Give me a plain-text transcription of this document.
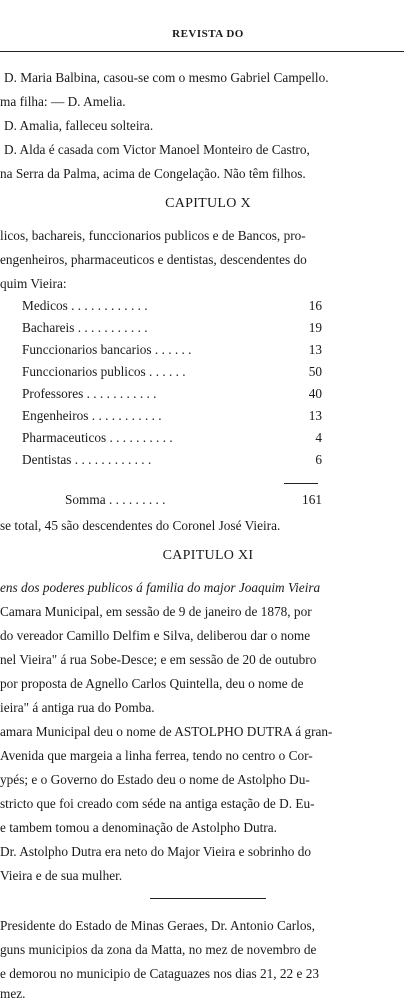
REVISTA DO
D. Maria Balbina, casou-se com o mesmo Gabriel Campello.
ma filha: — D. Amelia.
D. Amalia, falleceu solteira.
D. Alda é casada com Victor Manoel Monteiro de Castro,
na Serra da Palma, acima de Congelação. Não têm filhos.
CAPITULO X
licos, bachareis, funccionarios publicos e de Bancos, pro-
engenheiros, pharmaceuticos e dentistas, descendentes do
quim Vieira:
Medicos . . . . . . . . . . . .	16
Bachareis . . . . . . . . . . .	19
Funccionarios bancarios . . . . . .	13
Funccionarios publicos . . . . . .	50
Professores . . . . . . . . . . .	40
Engenheiros . . . . . . . . . . .	13
Pharmaceuticos . . . . . . . . . .	4
Dentistas . . . . . . . . . . . .	6
Somma . . . . . . . . .	161
se total, 45 são descendentes do Coronel José Vieira.
CAPITULO XI
ens dos poderes publicos á familia do major Joaquim Vieira
Camara Municipal, em sessão de 9 de janeiro de 1878, por
do vereador Camillo Delfim e Silva, deliberou dar o nome
nel Vieira" á rua Sobe-Desce; e em sessão de 20 de outubro
por proposta de Agnello Carlos Quintella, deu o nome de
ieira" á antiga rua do Pomba.
amara Municipal deu o nome de ASTOLPHO DUTRA á gran-
Avenida que margeia a linha ferrea, tendo no centro o Cor-
ypés; e o Governo do Estado deu o nome de Astolpho Du-
stricto que foi creado com séde na antiga estação de D. Eu-
e tambem tomou a denominação de Astolpho Dutra.
Dr. Astolpho Dutra era neto do Major Vieira e sobrinho do
Vieira e de sua mulher.
Presidente do Estado de Minas Geraes, Dr. Antonio Carlos,
guns municipios da zona da Matta, no mez de novembro de
e demorou no municipio de Cataguazes nos dias 21, 22 e 23
mez.
